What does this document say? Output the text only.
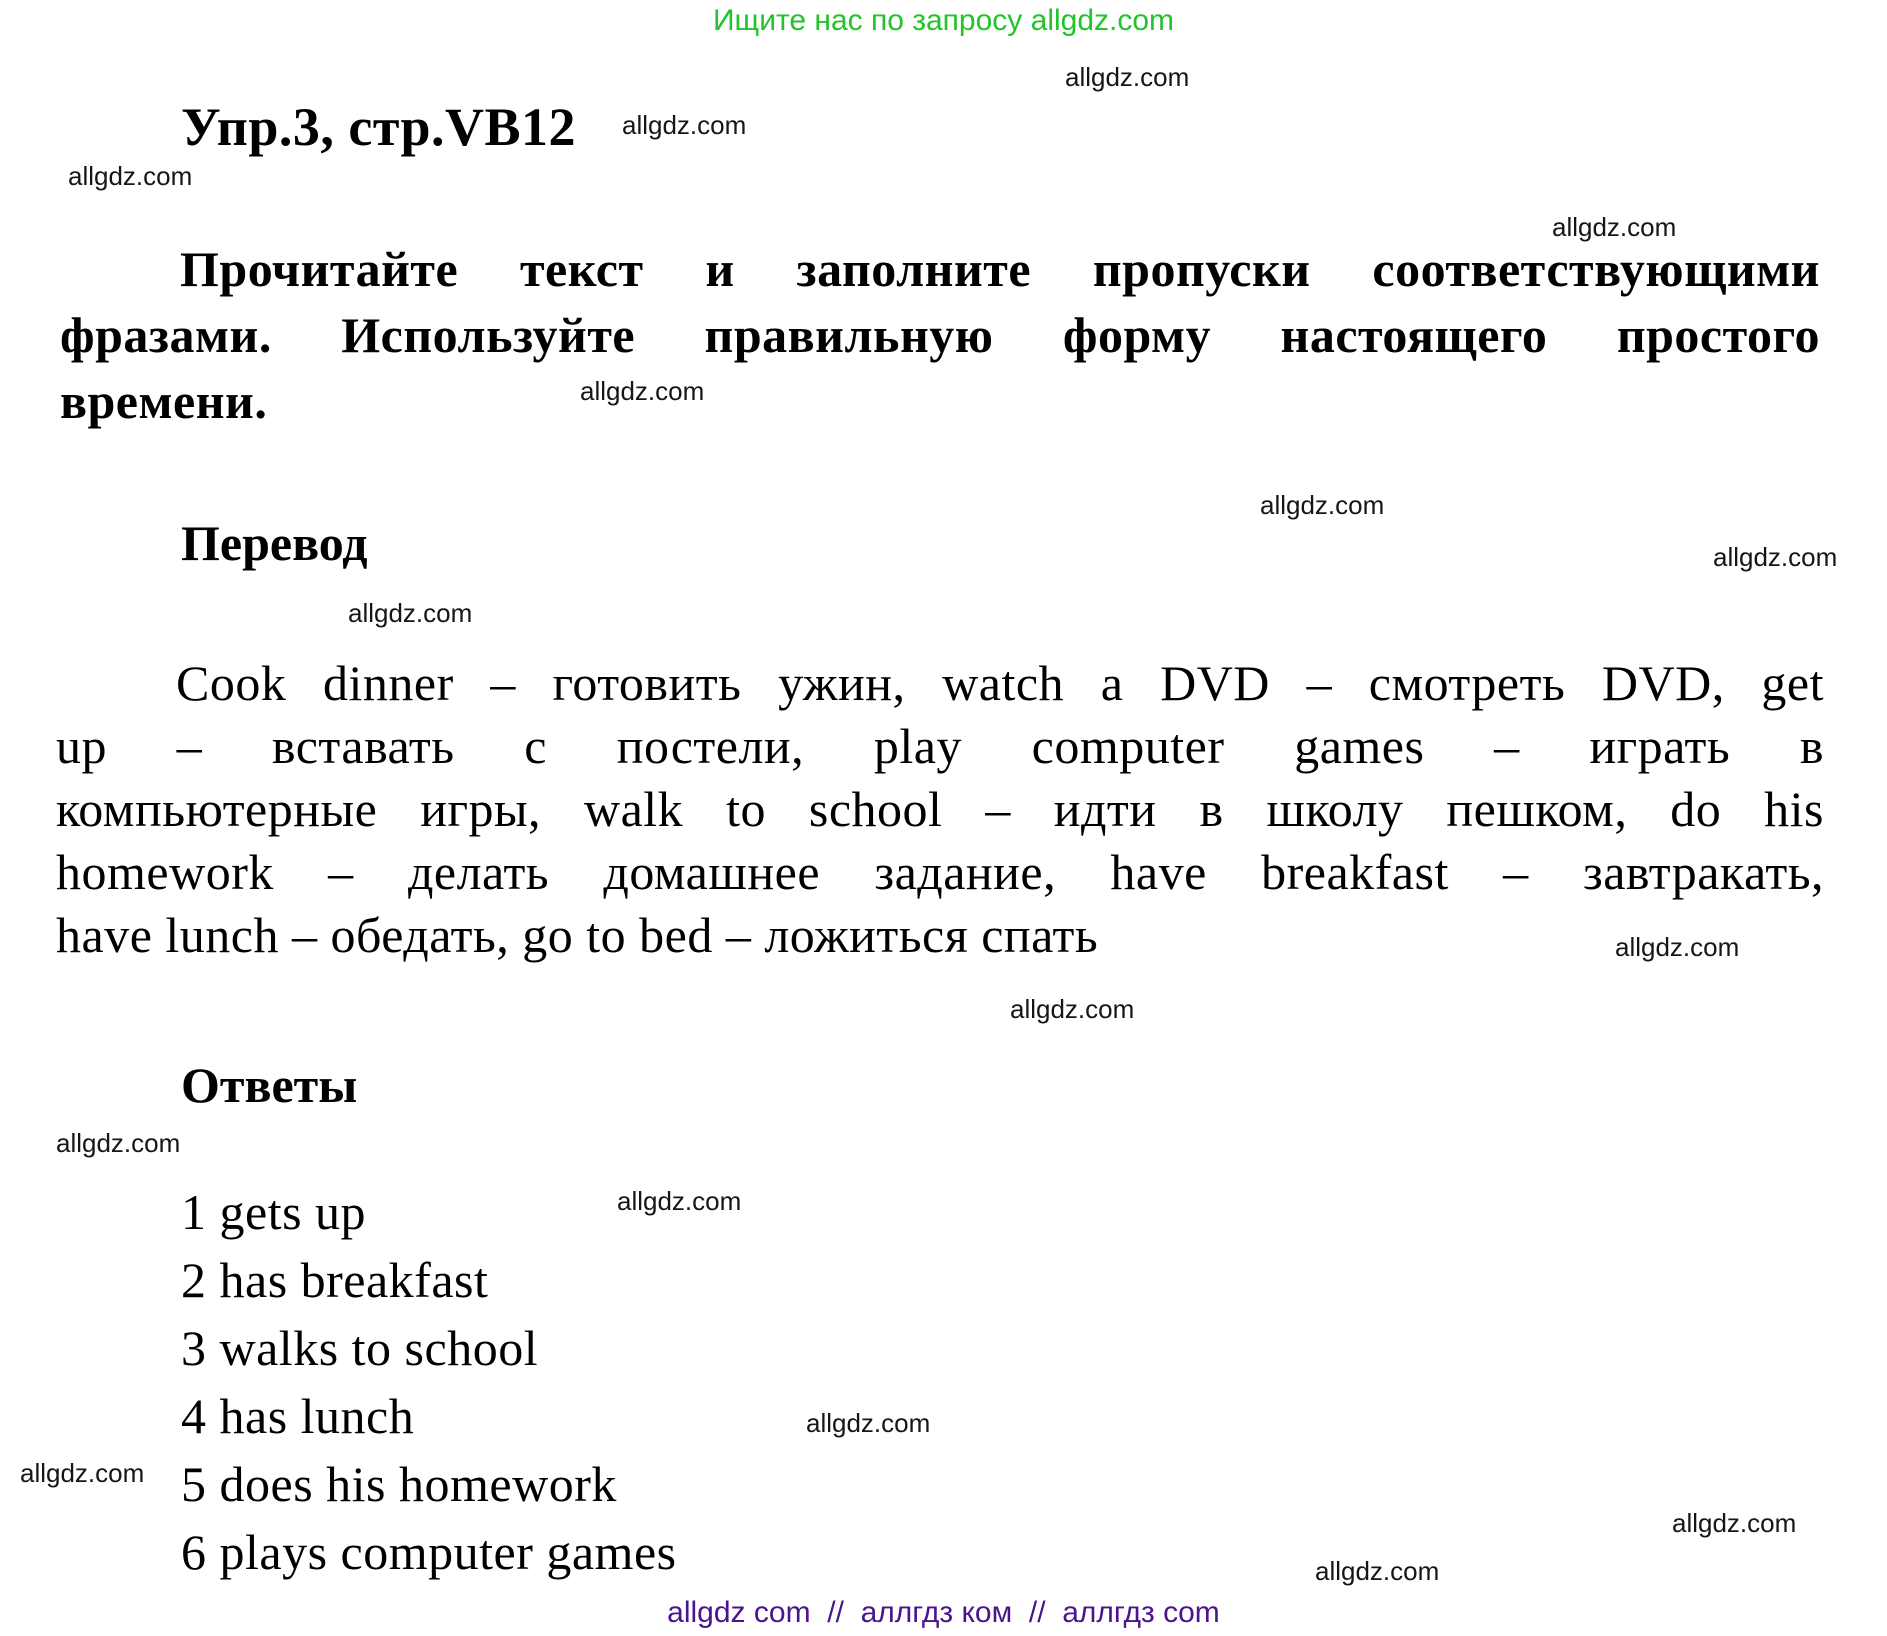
Ищите нас по запросу allgdz.com
allgdz.com
allgdz.com
allgdz.com
allgdz.com
allgdz.com
allgdz.com
allgdz.com
allgdz.com
allgdz.com
allgdz.com
allgdz.com
allgdz.com
allgdz.com
allgdz.com
allgdz.com
allgdz.com
Упр.3, стр.VB12
Прочитайте текст и заполните пропуски соответствующими
фразами. Используйте правильную форму настоящего простого
времени.
Перевод
Cook dinner – готовить ужин, watch a DVD – смотреть DVD, get
up – вставать с постели, play computer games – играть в
компьютерные игры, walk to school – идти в школу пешком, do his
homework – делать домашнее задание, have breakfast – завтракать,
have lunch – обедать, go to bed – ложиться спать
Ответы
1 gets up
2 has breakfast
3 walks to school
4 has lunch
5 does his homework
6 plays computer games
allgdz com  //  аллгдз ком  //  аллгдз com
